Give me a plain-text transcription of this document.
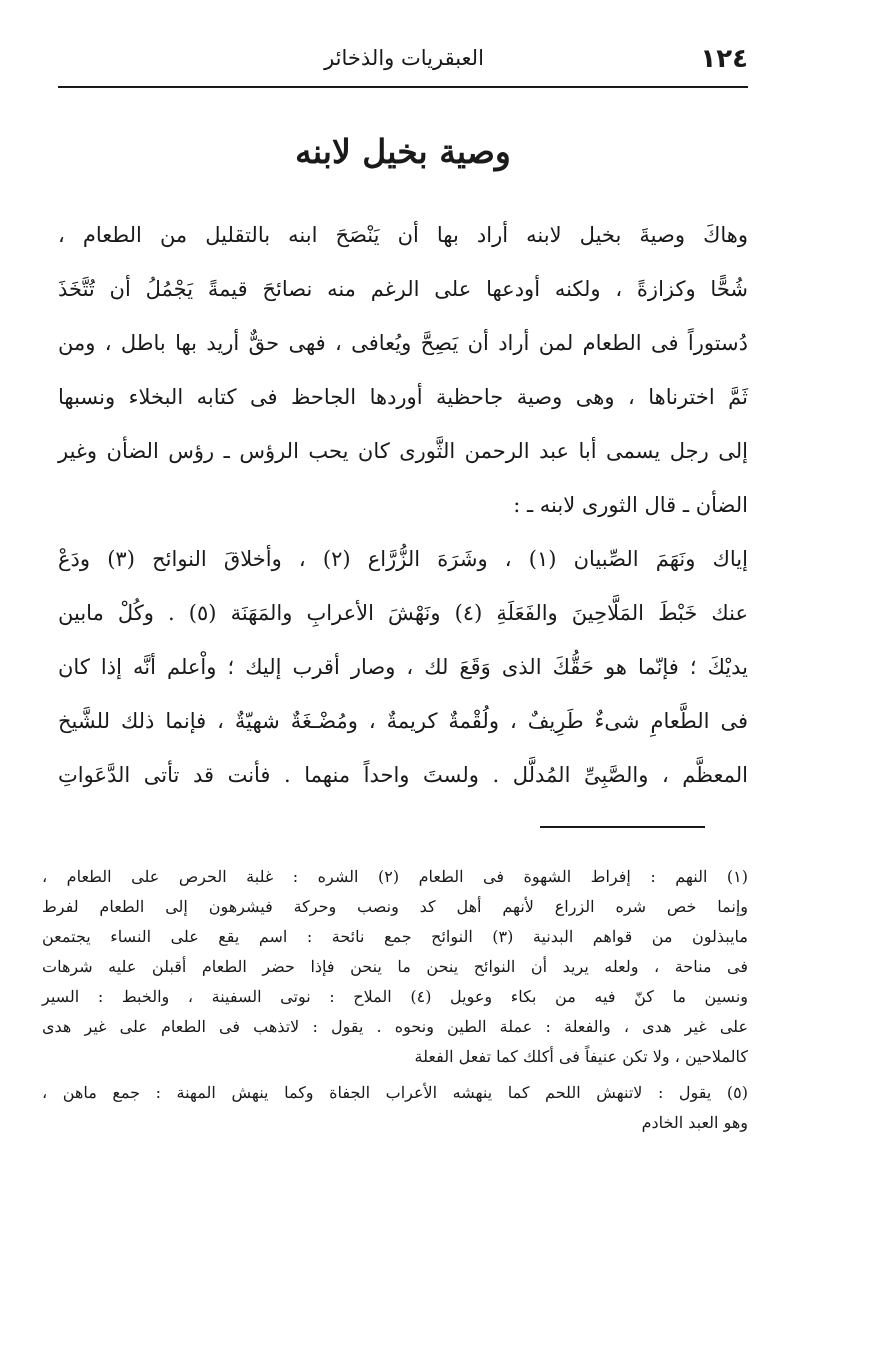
١٢٤
العبقريات والذخائر
وصية بخيل لابنه
وهاكَ وصيةَ بخيل لابنه أراد بها أن يَنْصَحَ ابنه بالتقليل من الطعام ،
شُحًّا وكزازةً ، ولكنه أودعها على الرغم منه نصائحَ قيمةً يَجْمُلُ أن تُتَّخَذَ
دُستوراً فى الطعام لمن أراد أن يَصِحَّ ويُعافى ، فهى حقٌّ أريد بها باطل ، ومن
ثَمَّ اخترناها ، وهى وصية جاحظية أوردها الجاحظ فى كتابه البخلاء ونسبها
إلى رجل يسمى أبا عبد الرحمن الثَّورى كان يحب الرؤس ـ رؤس الضأن وغير
الضأن ـ قال الثورى لابنه ـ :
إياك ونَهَمَ الصِّبيان (١) ، وشَرَهَ الزُّرَّاع (٢) ، وأخلاقَ النوائح (٣) ودَعْ
عنك خَبْطَ المَلَّاحِينَ والفَعَلَةِ (٤) ونَهْشَ الأعرابِ والمَهَنَة (٥) . وكُلْ مابين
يديْكَ ؛ فإنّما هو حَقُّكَ الذى وَقَعَ لك ، وصار أقرب إليك ؛ واْعلم أنَّه إذا كان
فى الطَّعامِ شىءٌ طَرِيفٌ ، ولُقْمةٌ كريمةٌ ، ومُضْـغَةٌ شهيّةٌ ، فإنما ذلك للشَّيخ
المعظَّم ، والصَّبِىِّ المُدلَّل . ولستَ واحداً منهما . فأنت قد تأتى الدَّعَواتِ
(١) النهم : إفراط الشهوة فى الطعام (٢) الشره : غلبة الحرص على الطعام ،
وإنما خص شره الزراع لأنهم أهل كد ونصب وحركة فيشرهون إلى الطعام لفرط
مايبذلون من قواهم البدنية (٣) النوائح جمع نائحة : اسم يقع على النساء يجتمعن
فى مناحة ، ولعله يريد أن النوائح ينحن ما ينحن فإذا حضر الطعام أقبلن عليه شرهات
ونسين ما كنّ فيه من بكاء وعويل (٤) الملاح : نوتى السفينة ، والخبط : السير
على غير هدى ، والفعلة : عملة الطين ونحوه . يقول : لاتذهب فى الطعام على غير هدى
كالملاحين ، ولا تكن عنيفاً فى أكلك كما تفعل الفعلة
(٥) يقول : لاتنهش اللحم كما ينهشه الأعراب الجفاة وكما ينهش المهنة : جمع ماهن ،
وهو العبد الخادم
